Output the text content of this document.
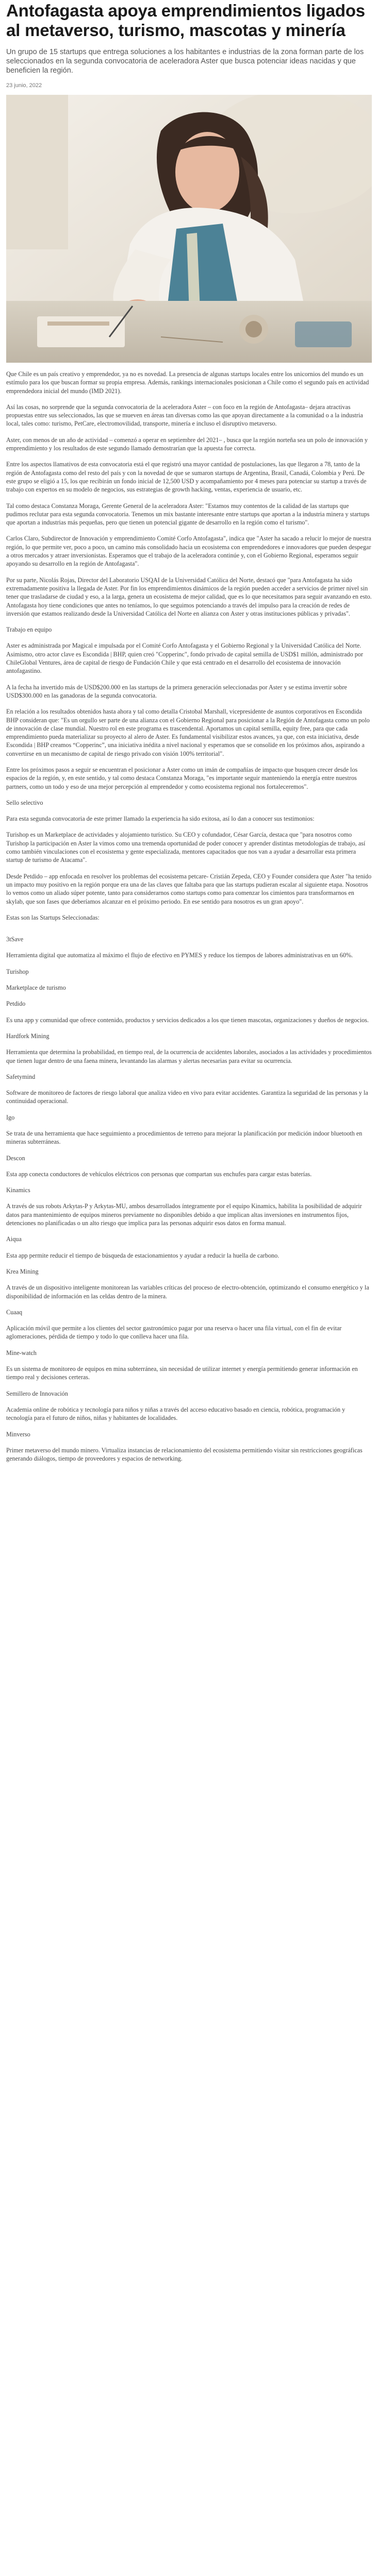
Antofagasta apoya emprendimientos ligados al metaverso, turismo, mascotas y minería

Un grupo de 15 startups que entrega soluciones a los habitantes e industrias de la zona forman parte de los seleccionados en la segunda convocatoria de aceleradora Aster que busca potenciar ideas nacidas y que beneficien la región.

23 junio, 2022

Que Chile es un país creativo y emprendedor, ya no es novedad. La presencia de algunas startups locales entre los unicornios del mundo es un estímulo para los que buscan formar su propia empresa. Además, rankings internacionales posicionan a Chile como el segundo país en actividad emprendedora inicial del mundo (IMD 2021).

Así las cosas, no sorprende que la segunda convocatoria de la aceleradora Aster – con foco en la región de Antofagasta– dejara atractivas propuestas entre sus seleccionados, las que se mueven en áreas tan diversas como las que apoyan directamente a la comunidad o a la industria local, tales como: turismo, PetCare, electromovilidad, transporte, minería e incluso el disruptivo metaverso.

Aster, con menos de un año de actividad – comenzó a operar en septiembre del 2021– , busca que la región norteña sea un polo de innovación y emprendimiento y los resultados de este segundo llamado demostrarían que la apuesta fue correcta.

Entre los aspectos llamativos de esta convocatoria está el que registró una mayor cantidad de postulaciones, las que llegaron a 78, tanto de la región de Antofagasta como del resto del país y con la novedad de que se sumaron startups de Argentina, Brasil, Canadá, Colombia y Perú. De este grupo se eligió a 15, los que recibirán un fondo inicial de 12,500 USD y acompañamiento por 4 meses para potenciar su startup a través de trabajo con expertos en su modelo de negocios, sus estrategias de growth hacking, ventas, experiencia de usuario, etc.

Tal como destaca Constanza Moraga, Gerente General de la aceleradora Aster: "Estamos muy contentos de la calidad de las startups que pudimos reclutar para esta segunda convocatoria. Tenemos un mix bastante interesante entre startups que aportan a la industria minera y startups que aportan a industrias más pequeñas, pero que tienen un potencial gigante de desarrollo en la región como el turismo".

Carlos Claro, Subdirector de Innovación y emprendimiento Comité Corfo Antofagasta", indica que "Aster ha sacado a relucir lo mejor de nuestra región, lo que permite ver, poco a poco, un camino más consolidado hacia un ecosistema con emprendedores e innovadores que pueden despegar a otros mercados y atraer inversionistas. Esperamos que el trabajo de la aceleradora continúe y, con el Gobierno Regional, esperamos seguir apoyando su desarrollo en la región de Antofagasta".

Por su parte, Nicolás Rojas, Director del Laboratorio USQAI de la Universidad Católica del Norte, destacó que "para Antofagasta ha sido extremadamente positiva la llegada de Aster. Por fin los emprendimientos dinámicos de la región pueden acceder a servicios de primer nivel sin tener que trasladarse de ciudad y eso, a la larga, genera un ecosistema de mejor calidad, que es lo que necesitamos para seguir avanzando en esto. Antofagasta hoy tiene condiciones que antes no teníamos, lo que seguimos potenciando a través del impulso para la creación de redes de inversión que estamos realizando desde la Universidad Católica del Norte en alianza con Aster y otras instituciones públicas y privadas".

Trabajo en equipo

Aster es administrada por Magical e impulsada por el Comité Corfo Antofagasta y el Gobierno Regional y la Universidad Católica del Norte. Asimismo, otro actor clave es Escondida | BHP, quien creó "Copperinc", fondo privado de capital semilla de USD$1 millón, administrado por ChileGlobal Ventures, área de capital de riesgo de Fundación Chile y que está centrado en el desarrollo del ecosistema de innovación antofagastino.

A la fecha ha invertido más de USD$200.000 en las startups de la primera generación seleccionadas por Aster y se estima invertir sobre USD$300.000 en las ganadoras de la segunda convocatoria.

En relación a los resultados obtenidos hasta ahora y tal como detalla Cristobal Marshall, vicepresidente de asuntos corporativos en Escondida BHP consideran que: "Es un orgullo ser parte de una alianza con el Gobierno Regional para posicionar a la Región de Antofagasta como un polo de innovación de clase mundial. Nuestro rol en este programa es trascendental. Aportamos un capital semilla, equity free, para que cada emprendimiento pueda materializar su proyecto al alero de Aster. Es fundamental visibilizar estos avances, ya que, con esta iniciativa, desde Escondida | BHP creamos “Copperinc”, una iniciativa inédita a nivel nacional y esperamos que se consolide en los próximos años, aspirando a convertirse en un mecanismo de capital de riesgo privado con visión 100% territorial".

Entre los próximos pasos a seguir se encuentran el posicionar a Aster como un imán de compañías de impacto que busquen crecer desde los espacios de la región, y, en este sentido, y tal como destaca Constanza Moraga, "es importante seguir manteniendo la energía entre nuestros partners, como un todo y eso de una mejor percepción al emprendedor y como ecosistema regional nos fortaleceremos".

Sello selectivo

Para esta segunda convocatoria de este primer llamado la experiencia ha sido exitosa, así lo dan a conocer sus testimonios:

Turishop es un Marketplace de actividades y alojamiento turístico. Su CEO y cofundador, César García, destaca que "para nosotros como Turishop la participación en Aster la vimos como una tremenda oportunidad de poder conocer y aprender distintas metodologías de trabajo, así como también vinculaciones con el ecosistema y gente especializada, mentores capacitados que nos van a ayudar a desarrollar esta primera startup de turismo de Atacama".

Desde Petdido – app enfocada en resolver los problemas del ecosistema petcare- Cristián Zepeda, CEO y Founder considera que Aster "ha tenido un impacto muy positivo en la región porque era una de las claves que faltaba para que las startups pudieran escalar al siguiente etapa. Nosotros lo vemos como un aliado súper potente, tanto para considerarnos como startups como para comenzar los cimientos para transformarnos en skylab, que son fases que deberíamos alcanzar en el próximo periodo. En ese sentido para nosotros es un gran apoyo".

Estas son las Startups Seleccionadas:

3tSave

Herramienta digital que automatiza al máximo el flujo de efectivo en PYMES y reduce los tiempos de labores administrativas en un 60%.

Turishop

Marketplace de turismo

Petdido

Es una app y comunidad que ofrece contenido, productos y servicios dedicados a los que tienen mascotas, organizaciones y dueños de negocios.

Hardfork Mining

Herramienta que determina la probabilidad, en tiempo real, de la ocurrencia de accidentes laborales, asociados a las actividades y procedimientos que tienen lugar dentro de una faena minera, levantando las alarmas y alertas necesarias para evitar su ocurrencia.

Safetymind

Software de monitoreo de factores de riesgo laboral que analiza video en vivo para evitar accidentes. Garantiza la seguridad de las personas y la continuidad operacional.

Igo

Se trata de una herramienta que hace seguimiento a procedimientos de terreno para mejorar la planificación por medición indoor bluetooth en mineras subterráneas.

Descon

Esta app conecta conductores de vehículos eléctricos con personas que compartan sus enchufes para cargar estas baterías.

Kinamics

A través de sus robots Arkytas-P y Arkytas-MU, ambos desarrollados íntegramente por el equipo Kinamics, habilita la posibilidad de adquirir datos para mantenimiento de equipos mineros previamente no disponibles debido a que implican altas inversiones en instrumentos fijos, detenciones no planificadas o un alto riesgo que implica para las personas adquirir esos datos en forma manual.

Aiqua

Esta app permite reducir el tiempo de búsqueda de estacionamientos y ayudar a reducir la huella de carbono.

Krea Mining

A través de un dispositivo inteligente monitorean las variables críticas del proceso de electro-obtención, optimizando el consumo energético y la disponibilidad de información en las celdas dentro de la minera.

Cuaaq

Aplicación móvil que permite a los clientes del sector gastronómico pagar por una reserva o hacer una fila virtual, con el fin de evitar aglomeraciones, pérdida de tiempo y todo lo que conlleva hacer una fila.

Mine-watch

Es un sistema de monitoreo de equipos en mina subterránea, sin necesidad de utilizar internet y energía permitiendo generar información en tiempo real y decisiones certeras.

Semillero de Innovación

Academia online de robótica y tecnología para niños y niñas a través del acceso educativo basado en ciencia, robótica, programación y tecnología para el futuro de niños, niñas y habitantes de localidades.

Minverso

Primer metaverso del mundo minero. Virtualiza instancias de relacionamiento del ecosistema permitiendo visitar sin restricciones geográficas generando diálogos, tiempo de proveedores y espacios de networking.
